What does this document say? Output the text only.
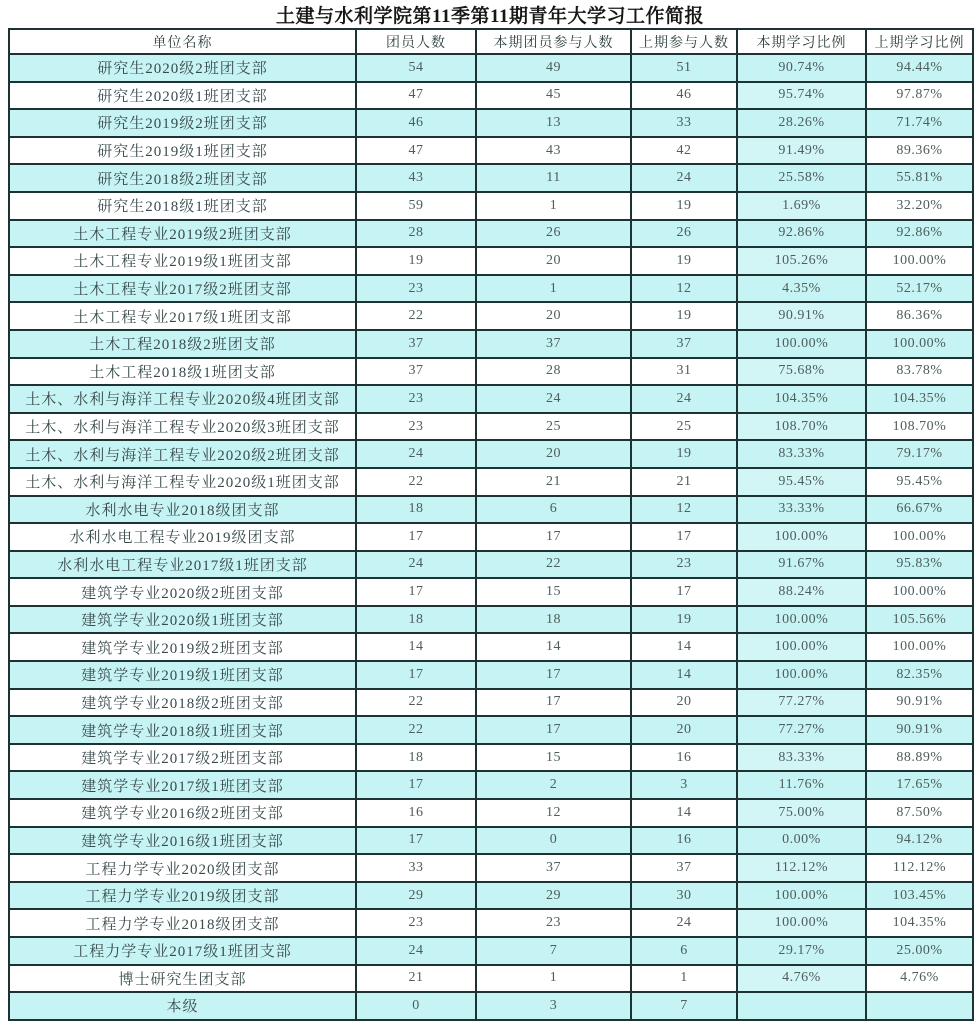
土建与水利学院第11季第11期青年大学习工作简报
单位名称	团员人数	本期团员参与人数	上期参与人数	本期学习比例	上期学习比例
研究生2020级2班团支部	54	49	51	90.74%	94.44%
研究生2020级1班团支部	47	45	46	95.74%	97.87%
研究生2019级2班团支部	46	13	33	28.26%	71.74%
研究生2019级1班团支部	47	43	42	91.49%	89.36%
研究生2018级2班团支部	43	11	24	25.58%	55.81%
研究生2018级1班团支部	59	1	19	1.69%	32.20%
土木工程专业2019级2班团支部	28	26	26	92.86%	92.86%
土木工程专业2019级1班团支部	19	20	19	105.26%	100.00%
土木工程专业2017级2班团支部	23	1	12	4.35%	52.17%
土木工程专业2017级1班团支部	22	20	19	90.91%	86.36%
土木工程2018级2班团支部	37	37	37	100.00%	100.00%
土木工程2018级1班团支部	37	28	31	75.68%	83.78%
土木、水利与海洋工程专业2020级4班团支部	23	24	24	104.35%	104.35%
土木、水利与海洋工程专业2020级3班团支部	23	25	25	108.70%	108.70%
土木、水利与海洋工程专业2020级2班团支部	24	20	19	83.33%	79.17%
土木、水利与海洋工程专业2020级1班团支部	22	21	21	95.45%	95.45%
水利水电专业2018级团支部	18	6	12	33.33%	66.67%
水利水电工程专业2019级团支部	17	17	17	100.00%	100.00%
水利水电工程专业2017级1班团支部	24	22	23	91.67%	95.83%
建筑学专业2020级2班团支部	17	15	17	88.24%	100.00%
建筑学专业2020级1班团支部	18	18	19	100.00%	105.56%
建筑学专业2019级2班团支部	14	14	14	100.00%	100.00%
建筑学专业2019级1班团支部	17	17	14	100.00%	82.35%
建筑学专业2018级2班团支部	22	17	20	77.27%	90.91%
建筑学专业2018级1班团支部	22	17	20	77.27%	90.91%
建筑学专业2017级2班团支部	18	15	16	83.33%	88.89%
建筑学专业2017级1班团支部	17	2	3	11.76%	17.65%
建筑学专业2016级2班团支部	16	12	14	75.00%	87.50%
建筑学专业2016级1班团支部	17	0	16	0.00%	94.12%
工程力学专业2020级团支部	33	37	37	112.12%	112.12%
工程力学专业2019级团支部	29	29	30	100.00%	103.45%
工程力学专业2018级团支部	23	23	24	100.00%	104.35%
工程力学专业2017级1班团支部	24	7	6	29.17%	25.00%
博士研究生团支部	21	1	1	4.76%	4.76%
本级	0	3	7		
